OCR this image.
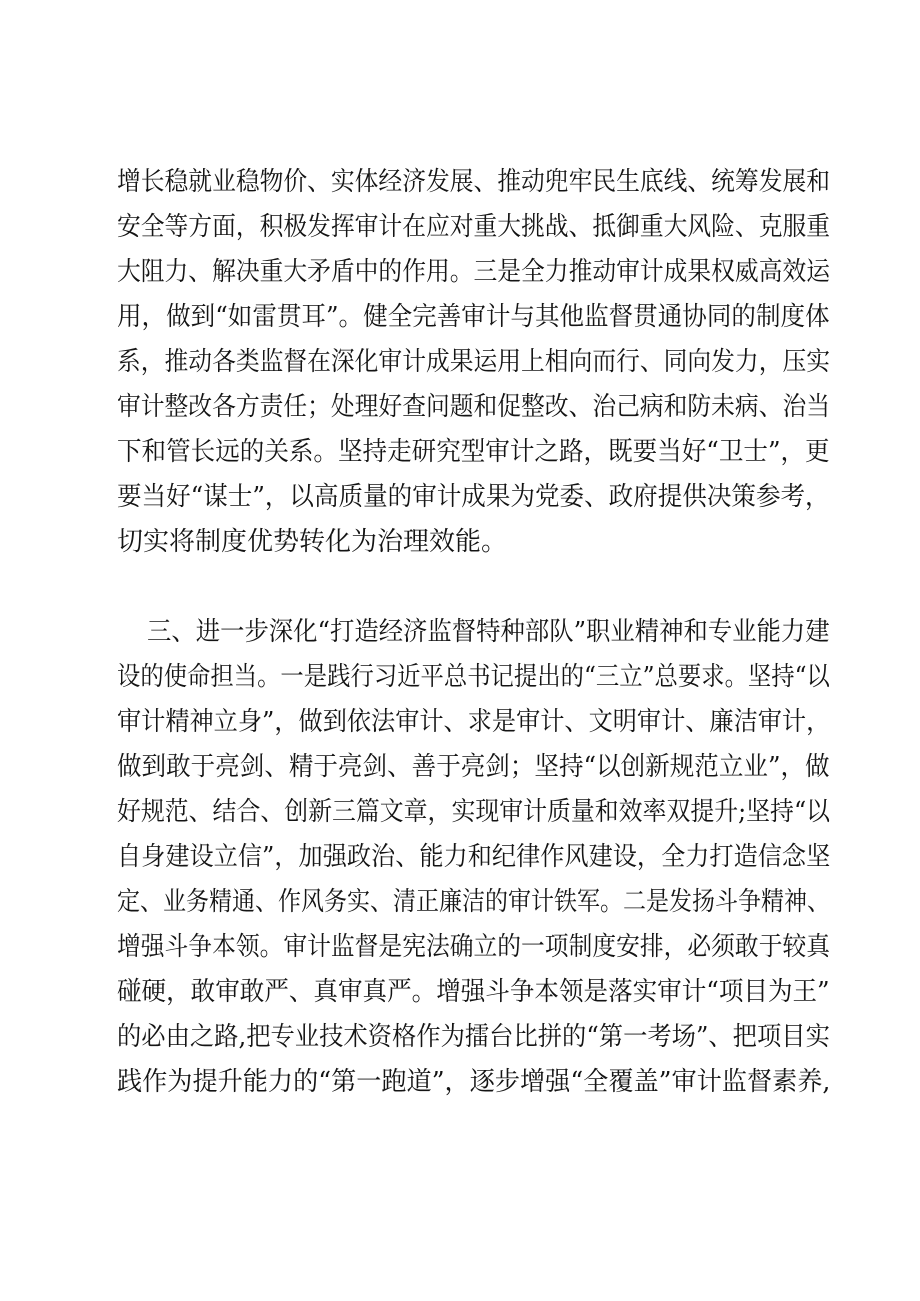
增长稳就业稳物价、实体经济发展、推动兜牢民生底线、统筹发展和
安全等方面，积极发挥审计在应对重大挑战、抵御重大风险、克服重
大阻力、解决重大矛盾中的作用。三是全力推动审计成果权威高效运
用，做到“如雷贯耳”。健全完善审计与其他监督贯通协同的制度体
系，推动各类监督在深化审计成果运用上相向而行、同向发力，压实
审计整改各方责任；处理好查问题和促整改、治己病和防未病、治当
下和管长远的关系。坚持走研究型审计之路，既要当好“卫士”，更
要当好“谋士”，以高质量的审计成果为党委、政府提供决策参考，
切实将制度优势转化为治理效能。
三、进一步深化“打造经济监督特种部队”职业精神和专业能力建
设的使命担当。一是践行习近平总书记提出的“三立”总要求。坚持“以
审计精神立身”，做到依法审计、求是审计、文明审计、廉洁审计，
做到敢于亮剑、精于亮剑、善于亮剑；坚持“以创新规范立业”，做
好规范、结合、创新三篇文章，实现审计质量和效率双提升;坚持“以
自身建设立信”，加强政治、能力和纪律作风建设，全力打造信念坚
定、业务精通、作风务实、清正廉洁的审计铁军。二是发扬斗争精神、
增强斗争本领。审计监督是宪法确立的一项制度安排，必须敢于较真
碰硬，敢审敢严、真审真严。增强斗争本领是落实审计“项目为王”
的必由之路,把专业技术资格作为擂台比拼的“第一考场”、把项目实
践作为提升能力的“第一跑道”，逐步增强“全覆盖”审计监督素养,
